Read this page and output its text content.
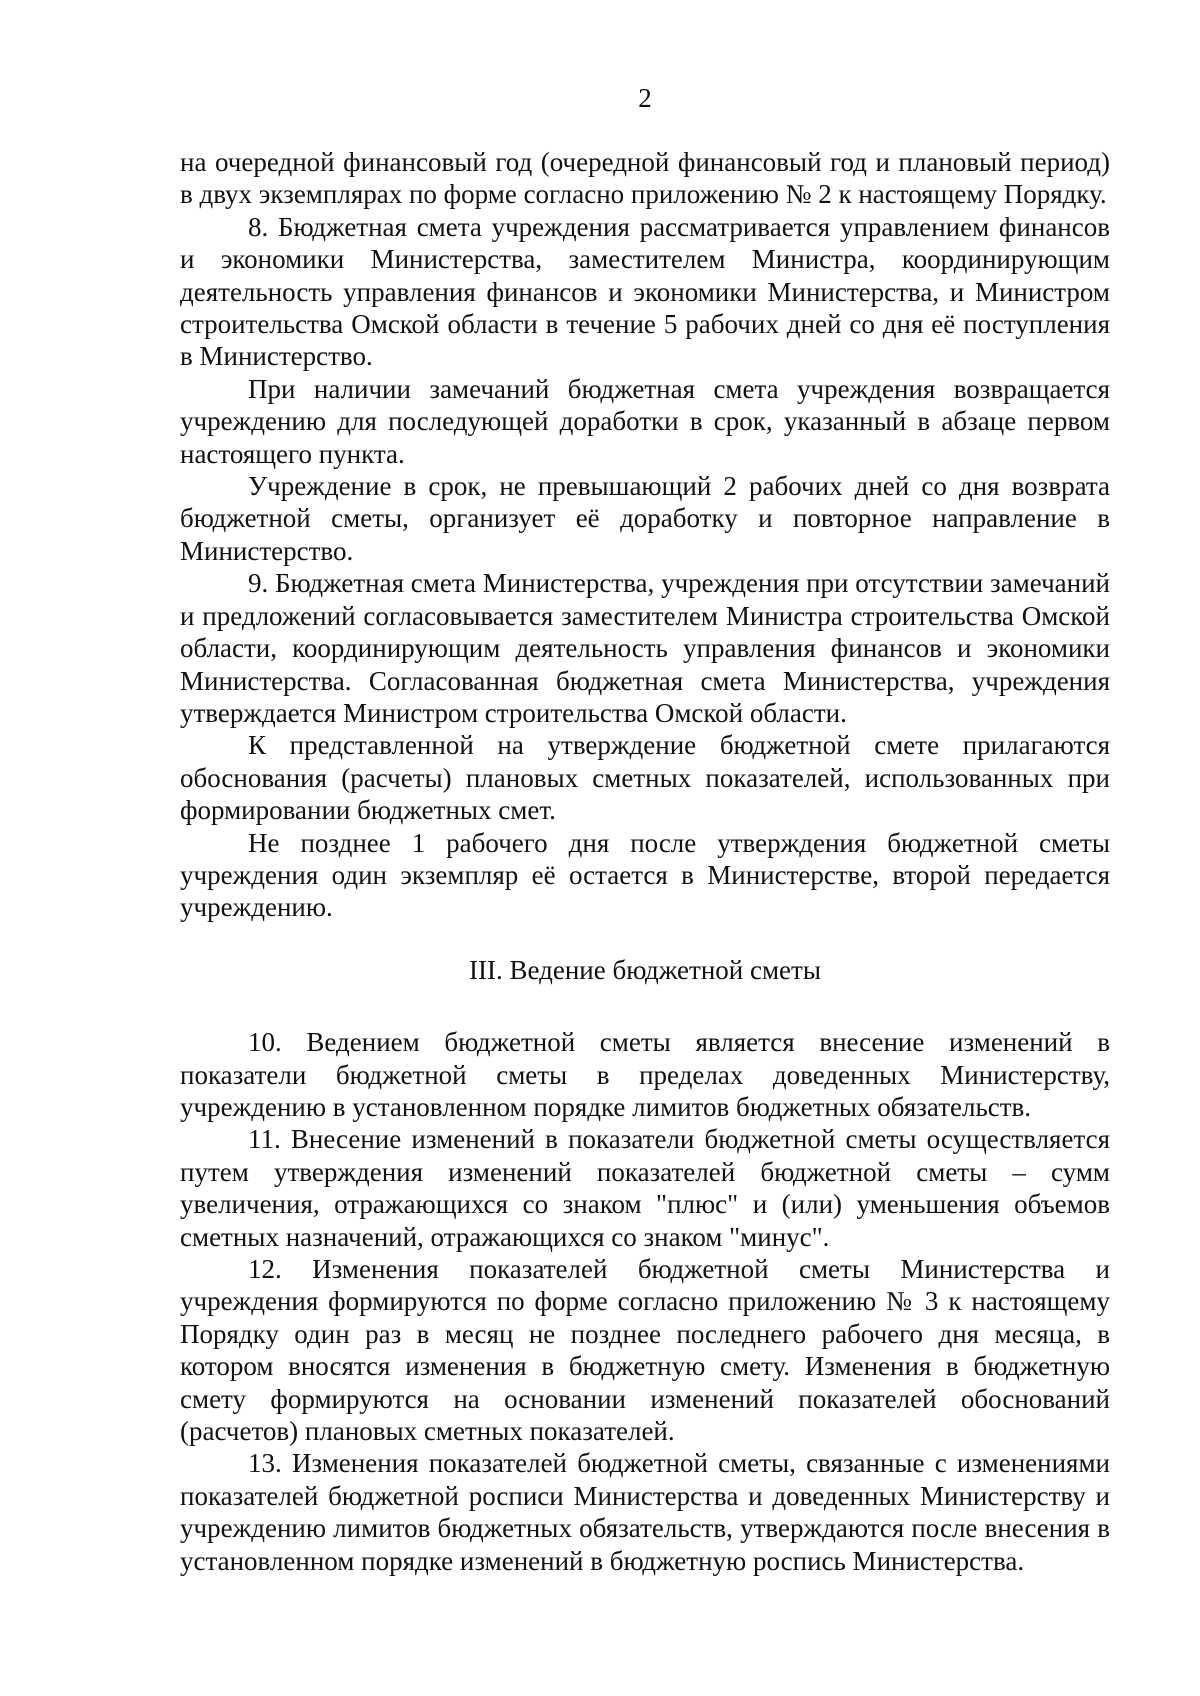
2

на очередной финансовый год (очередной финансовый год и плановый период) в двух экземплярах по форме согласно приложению № 2 к настоящему Порядку.

8. Бюджетная смета учреждения рассматривается управлением финансов и экономики Министерства, заместителем Министра, координирующим деятельность управления финансов и экономики Министерства, и Министром строительства Омской области в течение 5 рабочих дней со дня её поступления в Министерство.

При наличии замечаний бюджетная смета учреждения возвращается учреждению для последующей доработки в срок, указанный в абзаце первом настоящего пункта.

Учреждение в срок, не превышающий 2 рабочих дней со дня возврата бюджетной сметы, организует её доработку и повторное направление в Министерство.

9. Бюджетная смета Министерства, учреждения при отсутствии замечаний и предложений согласовывается заместителем Министра строительства Омской области, координирующим деятельность управления финансов и экономики Министерства. Согласованная бюджетная смета Министерства, учреждения утверждается Министром строительства Омской области.

К представленной на утверждение бюджетной смете прилагаются обоснования (расчеты) плановых сметных показателей, использованных при формировании бюджетных смет.

Не позднее 1 рабочего дня после утверждения бюджетной сметы учреждения один экземпляр её остается в Министерстве, второй передается учреждению.

III. Ведение бюджетной сметы

10. Ведением бюджетной сметы является внесение изменений в показатели бюджетной сметы в пределах доведенных Министерству, учреждению в установленном порядке лимитов бюджетных обязательств.

11. Внесение изменений в показатели бюджетной сметы осуществляется путем утверждения изменений показателей бюджетной сметы – сумм увеличения, отражающихся со знаком "плюс" и (или) уменьшения объемов сметных назначений, отражающихся со знаком "минус".

12. Изменения показателей бюджетной сметы Министерства и учреждения формируются по форме согласно приложению № 3 к настоящему Порядку один раз в месяц не позднее последнего рабочего дня месяца, в котором вносятся изменения в бюджетную смету. Изменения в бюджетную смету формируются на основании изменений показателей обоснований (расчетов) плановых сметных показателей.

13. Изменения показателей бюджетной сметы, связанные с изменениями показателей бюджетной росписи Министерства и доведенных Министерству и учреждению лимитов бюджетных обязательств, утверждаются после внесения в установленном порядке изменений в бюджетную роспись Министерства.
